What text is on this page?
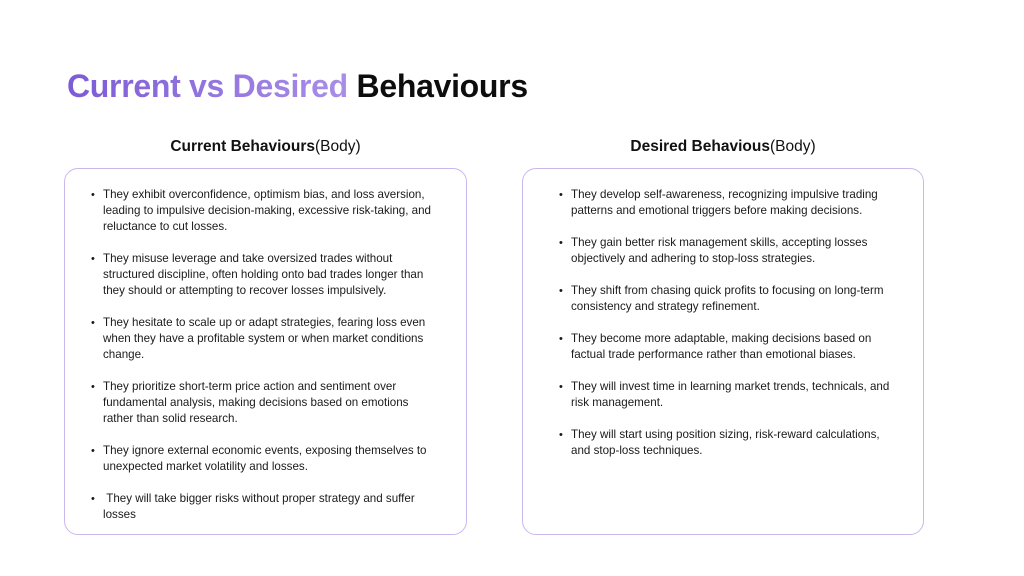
Current vs Desired Behaviours
Current Behaviours(Body)	Desired Behavious(Body)
• They exhibit overconfidence, optimism bias, and loss aversion, leading to impulsive decision-making, excessive risk-taking, and reluctance to cut losses.
• They misuse leverage and take oversized trades without structured discipline, often holding onto bad trades longer than they should or attempting to recover losses impulsively.
• They hesitate to scale up or adapt strategies, fearing loss even when they have a profitable system or when market conditions change.
• They prioritize short-term price action and sentiment over fundamental analysis, making decisions based on emotions rather than solid research.
• They ignore external economic events, exposing themselves to unexpected market volatility and losses.
• They will take bigger risks without proper strategy and suffer losses
• They develop self-awareness, recognizing impulsive trading patterns and emotional triggers before making decisions.
• They gain better risk management skills, accepting losses objectively and adhering to stop-loss strategies.
• They shift from chasing quick profits to focusing on long-term consistency and strategy refinement.
• They become more adaptable, making decisions based on factual trade performance rather than emotional biases.
• They will invest time in learning market trends, technicals, and risk management.
• They will start using position sizing, risk-reward calculations, and stop-loss techniques.
